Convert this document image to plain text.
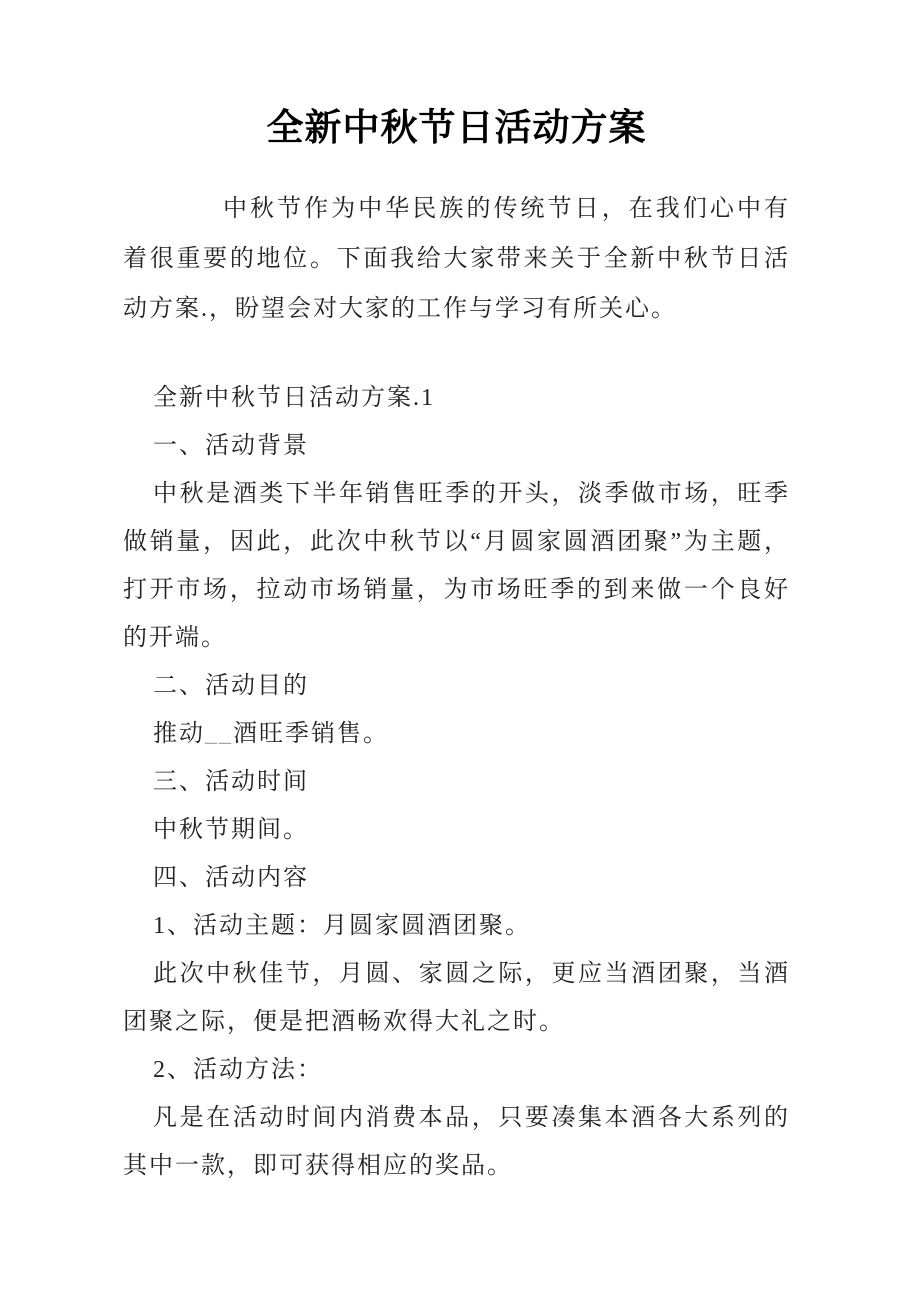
全新中秋节日活动方案

中秋节作为中华民族的传统节日，在我们心中有着很重要的地位。下面我给大家带来关于全新中秋节日活动方案.，盼望会对大家的工作与学习有所关心。

全新中秋节日活动方案.1

一、活动背景

中秋是酒类下半年销售旺季的开头，淡季做市场，旺季做销量，因此，此次中秋节以“月圆家圆酒团聚”为主题，打开市场，拉动市场销量，为市场旺季的到来做一个良好的开端。

二、活动目的

推动__酒旺季销售。

三、活动时间

中秋节期间。

四、活动内容

1、活动主题：月圆家圆酒团聚。

此次中秋佳节，月圆、家圆之际，更应当酒团聚，当酒团聚之际，便是把酒畅欢得大礼之时。

2、活动方法：

凡是在活动时间内消费本品，只要凑集本酒各大系列的其中一款，即可获得相应的奖品。
